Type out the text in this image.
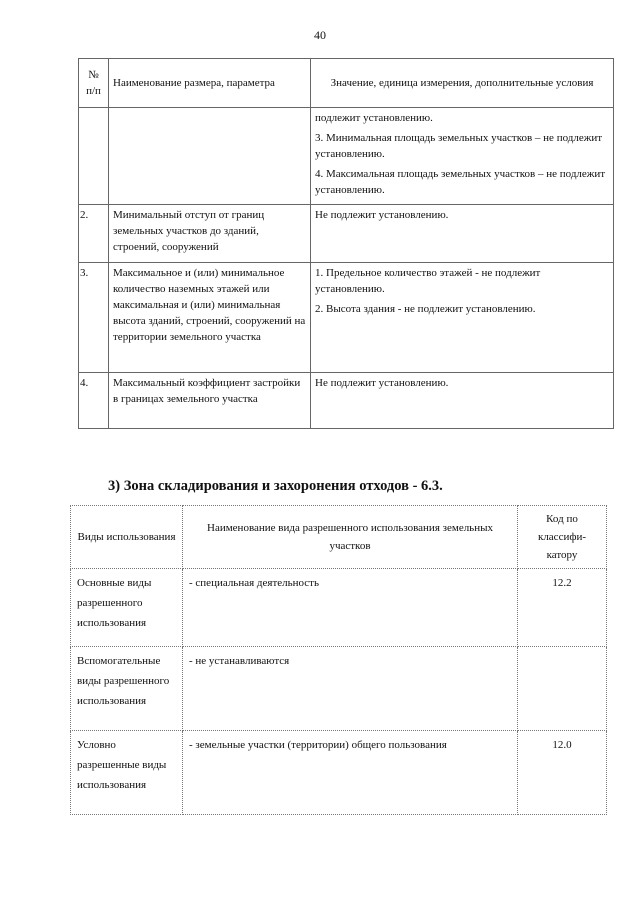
40
№ п/п	Наименование размера, параметра	Значение, единица измерения, дополнительные условия

		подлежит установлению.
3. Минимальная площадь земельных участков – не подлежит установлению.
4. Максимальная площадь земельных участков – не подлежит установлению.

2.	Минимальный отступ от границ земельных участков до зданий, строений, сооружений	Не подлежит установлению.

3.	Максимальное и (или) минимальное количество наземных этажей или максимальная и (или) минимальная высота зданий, строений, сооружений на территории земельного участка	1. Предельное количество этажей - не подлежит установлению.
2. Высота здания - не подлежит установлению.

4.	Максимальный коэффициент застройки в границах земельного участка	Не подлежит установлению.
3) Зона складирования и захоронения отходов - 6.3.
Виды использования	Наименование вида разрешенного использования земельных участков	Код по классифи-катору
Основные виды разрешенного использования	- специальная деятельность	12.2
Вспомогательные виды разрешенного использования	- не устанавливаются	
Условно разрешенные виды использования	- земельные участки (территории) общего пользования	12.0
